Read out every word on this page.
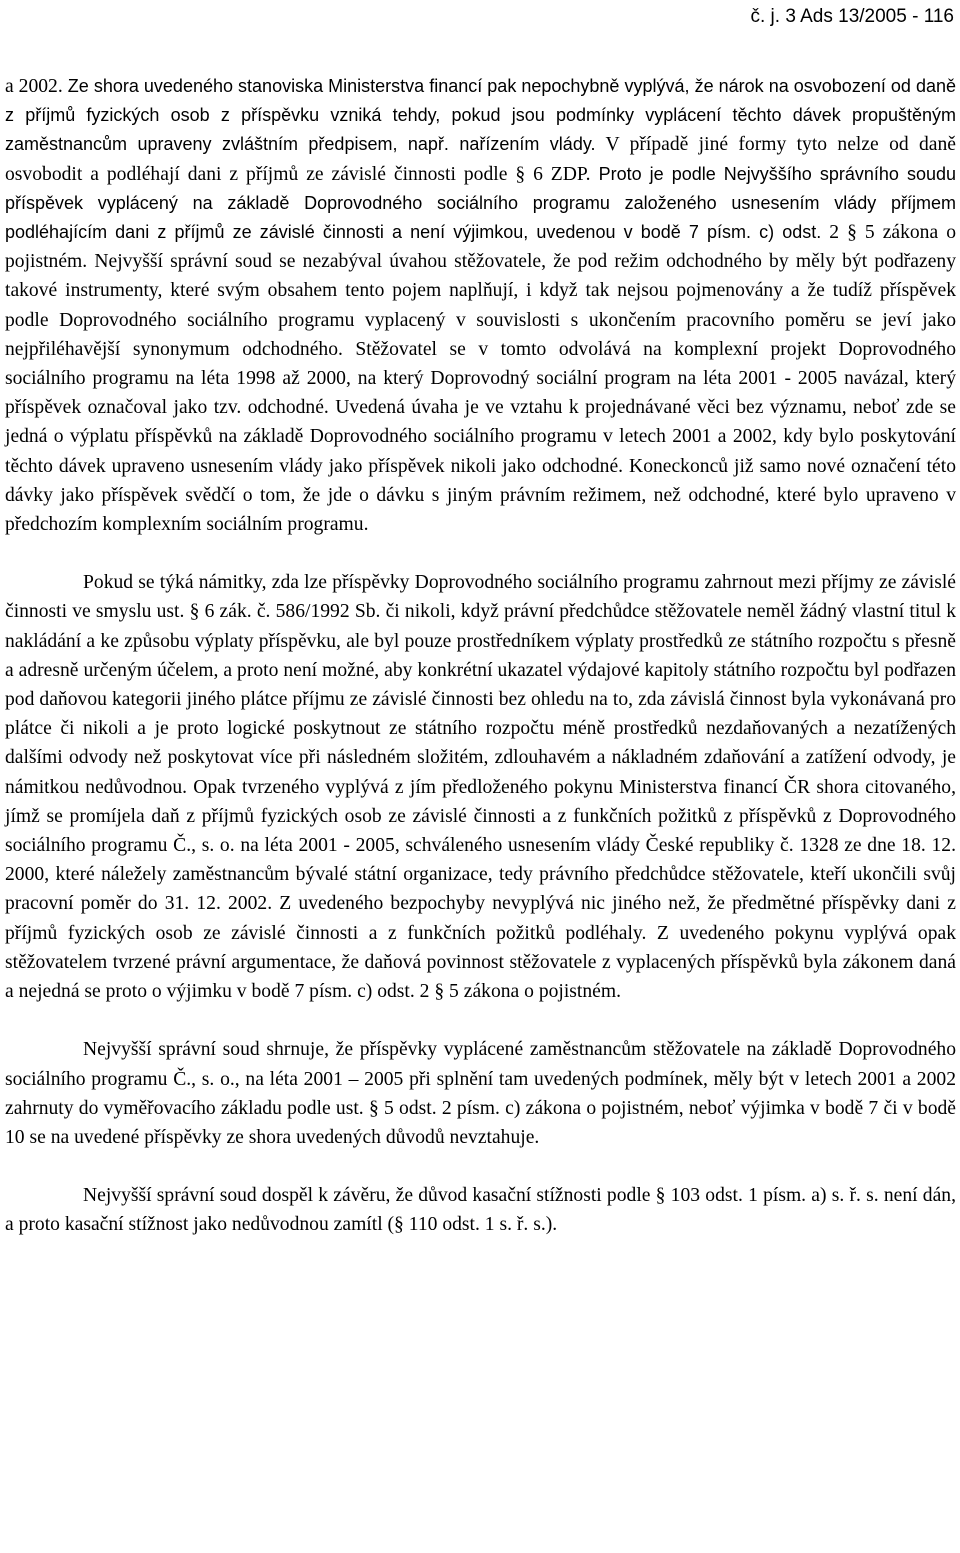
č. j. 3 Ads 13/2005 - 116

a 2002. Ze shora uvedeného stanoviska Ministerstva financí pak nepochybně vyplývá, že nárok na osvobození od daně z příjmů fyzických osob z příspěvku vzniká tehdy, pokud jsou podmínky vyplácení těchto dávek propuštěným zaměstnancům upraveny zvláštním předpisem, např. nařízením vlády. V případě jiné formy tyto nelze od daně osvobodit a podléhají dani z příjmů ze závislé činnosti podle § 6 ZDP. Proto je podle Nejvyššího správního soudu příspěvek vyplácený na základě Doprovodného sociálního programu založeného usnesením vlády příjmem podléhajícím dani z příjmů ze závislé činnosti a není výjimkou, uvedenou v bodě 7 písm. c) odst. 2 § 5 zákona o pojistném. Nejvyšší správní soud se nezabýval úvahou stěžovatele, že pod režim odchodného by měly být podřazeny takové instrumenty, které svým obsahem tento pojem naplňují, i když tak nejsou pojmenovány a že tudíž příspěvek podle Doprovodného sociálního programu vyplacený v souvislosti s ukončením pracovního poměru se jeví jako nejpřiléhavější synonymum odchodného. Stěžovatel se v tomto odvolává na komplexní projekt Doprovodného sociálního programu na léta 1998 až 2000, na který Doprovodný sociální program na léta 2001 - 2005 navázal, který příspěvek označoval jako tzv. odchodné. Uvedená úvaha je ve vztahu k projednávané věci bez významu, neboť zde se jedná o výplatu příspěvků na základě Doprovodného sociálního programu v letech 2001 a 2002, kdy bylo poskytování těchto dávek upraveno usnesením vlády jako příspěvek nikoli jako odchodné. Koneckonců již samo nové označení této dávky jako příspěvek svědčí o tom, že jde o dávku s jiným právním režimem, než odchodné, které bylo upraveno v předchozím komplexním sociálním programu.

Pokud se týká námitky, zda lze příspěvky Doprovodného sociálního programu zahrnout mezi příjmy ze závislé činnosti ve smyslu ust. § 6 zák. č. 586/1992 Sb. či nikoli, když právní předchůdce stěžovatele neměl žádný vlastní titul k nakládání a ke způsobu výplaty příspěvku, ale byl pouze prostředníkem výplaty prostředků ze státního rozpočtu s přesně a adresně určeným účelem, a proto není možné, aby konkrétní ukazatel výdajové kapitoly státního rozpočtu byl podřazen pod daňovou kategorii jiného plátce příjmu ze závislé činnosti bez ohledu na to, zda závislá činnost byla vykonávaná pro plátce či nikoli a je proto logické poskytnout ze státního rozpočtu méně prostředků nezdaňovaných a nezatížených dalšími odvody než poskytovat více při následném složitém, zdlouhavém a nákladném zdaňování a zatížení odvody, je námitkou nedůvodnou. Opak tvrzeného vyplývá z jím předloženého pokynu Ministerstva financí ČR shora citovaného, jímž se promíjela daň z příjmů fyzických osob ze závislé činnosti a z funkčních požitků z příspěvků z Doprovodného sociálního programu Č., s. o. na léta 2001 - 2005, schváleného usnesením vlády České republiky č. 1328 ze dne 18. 12. 2000, které náležely zaměstnancům bývalé státní organizace, tedy právního předchůdce stěžovatele, kteří ukončili svůj pracovní poměr do 31. 12. 2002. Z uvedeného bezpochyby nevyplývá nic jiného než, že předmětné příspěvky dani z příjmů fyzických osob ze závislé činnosti a z funkčních požitků podléhaly. Z uvedeného pokynu vyplývá opak stěžovatelem tvrzené právní argumentace, že daňová povinnost stěžovatele z vyplacených příspěvků byla zákonem daná a nejedná se proto o výjimku v bodě 7 písm. c) odst. 2 § 5 zákona o pojistném.

Nejvyšší správní soud shrnuje, že příspěvky vyplácené zaměstnancům stěžovatele na základě Doprovodného sociálního programu Č., s. o., na léta 2001 – 2005 při splnění tam uvedených podmínek, měly být v letech 2001 a 2002 zahrnuty do vyměřovacího základu podle ust. § 5 odst. 2 písm. c) zákona o pojistném, neboť výjimka v bodě 7 či v bodě 10 se na uvedené příspěvky ze shora uvedených důvodů nevztahuje.

Nejvyšší správní soud dospěl k závěru, že důvod kasační stížnosti podle § 103 odst. 1 písm. a) s. ř. s. není dán, a proto kasační stížnost jako nedůvodnou zamítl (§ 110 odst. 1 s. ř. s.).
